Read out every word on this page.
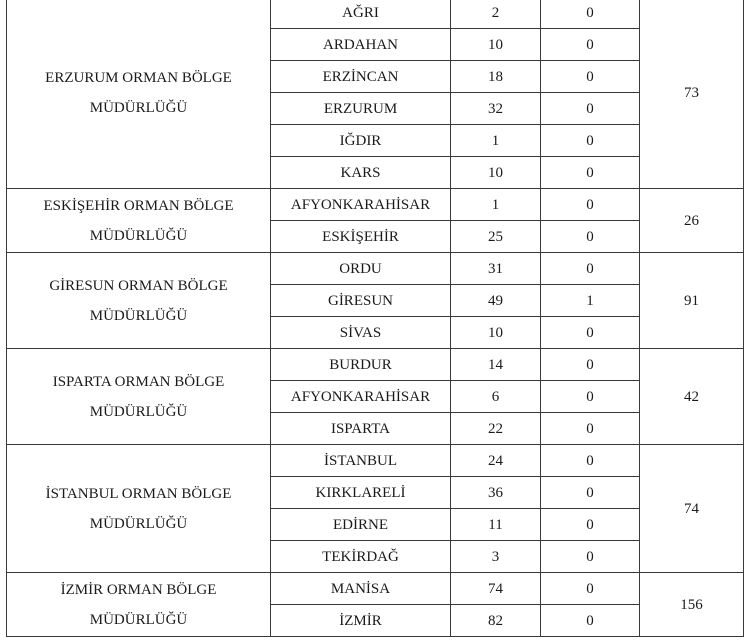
ERZURUM ORMAN BÖLGE
MÜDÜRLÜĞÜ	AĞRI	2	0	73
	ARDAHAN	10	0	
	ERZİNCAN	18	0	
	ERZURUM	32	0	
	IĞDIR	1	0	
	KARS	10	0	

ESKİŞEHİR ORMAN BÖLGE
MÜDÜRLÜĞÜ	AFYONKARAHİSAR	1	0	26
	ESKİŞEHİR	25	0	

GİRESUN ORMAN BÖLGE
MÜDÜRLÜĞÜ	ORDU	31	0	91
	GİRESUN	49	1	
	SİVAS	10	0	

ISPARTA ORMAN BÖLGE
MÜDÜRLÜĞÜ	BURDUR	14	0	42
	AFYONKARAHİSAR	6	0	
	ISPARTA	22	0	

İSTANBUL ORMAN BÖLGE
MÜDÜRLÜĞÜ	İSTANBUL	24	0	74
	KIRKLARELİ	36	0	
	EDİRNE	11	0	
	TEKİRDAĞ	3	0	

İZMİR ORMAN BÖLGE
MÜDÜRLÜĞÜ	MANİSA	74	0	156
	İZMİR	82	0	
